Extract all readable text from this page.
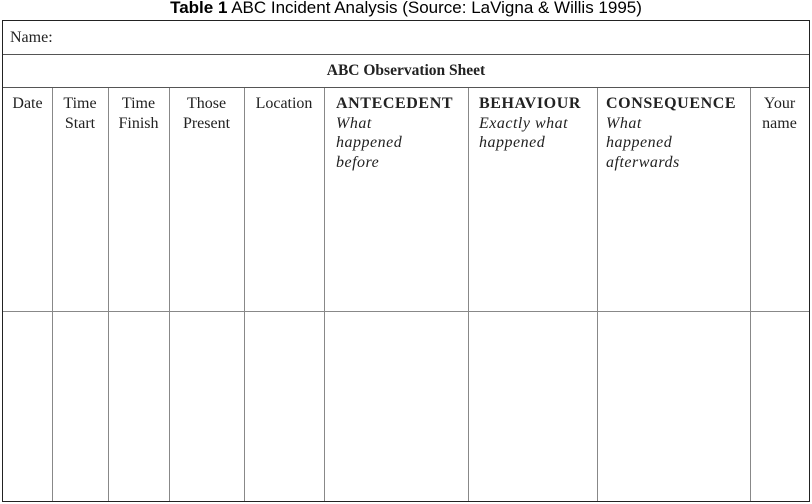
Table 1 ABC Incident Analysis (Source: LaVigna & Willis 1995)
Name:
ABC Observation Sheet
Date	Time
Start
Time
Finish
Those
Present
Location	ANTECEDENT
What
happened
before
BEHAVIOUR
Exactly what
happened
CONSEQUENCE
What
happened
afterwards
Your
name
